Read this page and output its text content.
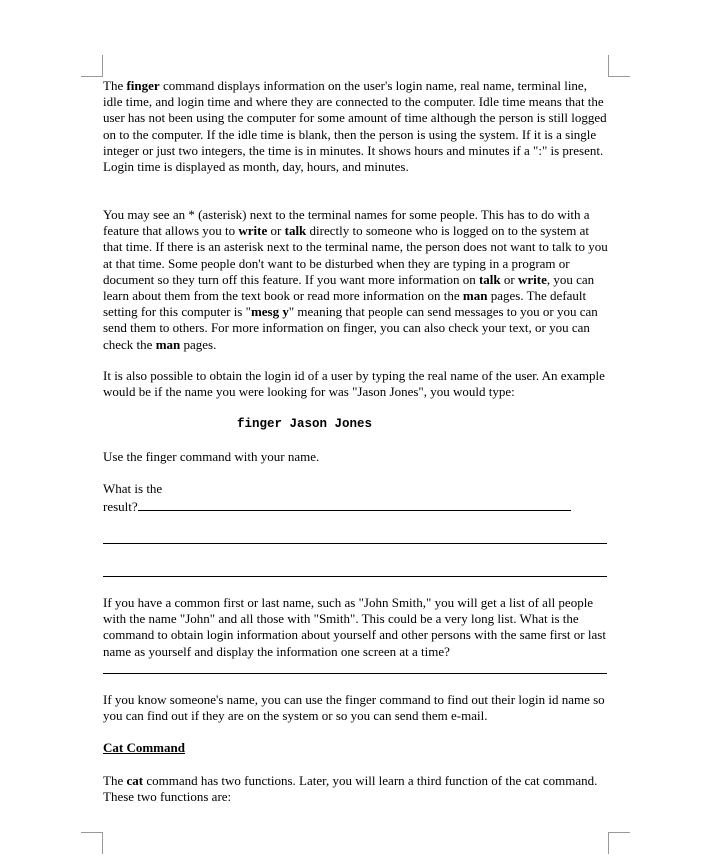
The finger command displays information on the user's login name, real name, terminal line, idle time, and login time and where they are connected to the computer. Idle time means that the user has not been using the computer for some amount of time although the person is still logged on to the computer. If the idle time is blank, then the person is using the system. If it is a single integer or just two integers, the time is in minutes. It shows hours and minutes if a ":" is present. Login time is displayed as month, day, hours, and minutes.

You may see an * (asterisk) next to the terminal names for some people. This has to do with a feature that allows you to write or talk directly to someone who is logged on to the system at that time. If there is an asterisk next to the terminal name, the person does not want to talk to you at that time. Some people don't want to be disturbed when they are typing in a program or document so they turn off this feature. If you want more information on talk or write, you can learn about them from the text book or read more information on the man pages. The default setting for this computer is "mesg y" meaning that people can send messages to you or you can send them to others. For more information on finger, you can also check your text, or you can check the man pages.

It is also possible to obtain the login id of a user by typing the real name of the user. An example would be if the name you were looking for was "Jason Jones", you would type:

finger Jason Jones

Use the finger command with your name.

What is the
result?

If you have a common first or last name, such as "John Smith," you will get a list of all people with the name "John" and all those with "Smith". This could be a very long list. What is the command to obtain login information about yourself and other persons with the same first or last name as yourself and display the information one screen at a time?

If you know someone's name, you can use the finger command to find out their login id name so you can find out if they are on the system or so you can send them e-mail.

Cat Command

The cat command has two functions. Later, you will learn a third function of the cat command. These two functions are:
